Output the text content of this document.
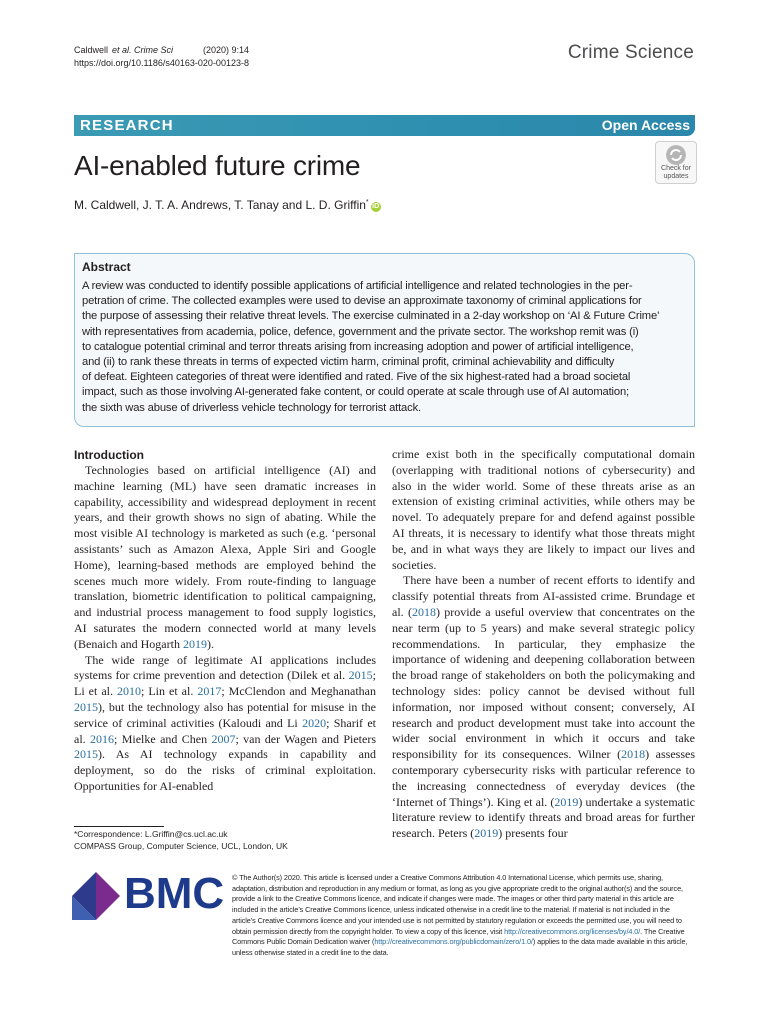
Caldwell et al. Crime Sci	(2020) 9:14
https://doi.org/10.1186/s40163-020-00123-8	Crime Science
RESEARCH	Open Access
AI-enabled future crime
M. Caldwell, J. T. A. Andrews, T. Tanay and L. D. Griffin*iD
Check for
updates
Abstract
A review was conducted to identify possible applications of artificial intelligence and related technologies in the per-
petration of crime. The collected examples were used to devise an approximate taxonomy of criminal applications for
the purpose of assessing their relative threat levels. The exercise culminated in a 2-day workshop on ‘AI & Future Crime’
with representatives from academia, police, defence, government and the private sector. The workshop remit was (i)
to catalogue potential criminal and terror threats arising from increasing adoption and power of artificial intelligence,
and (ii) to rank these threats in terms of expected victim harm, criminal profit, criminal achievability and difficulty
of defeat. Eighteen categories of threat were identified and rated. Five of the six highest-rated had a broad societal
impact, such as those involving AI-generated fake content, or could operate at scale through use of AI automation;
the sixth was abuse of driverless vehicle technology for terrorist attack.
Introduction

Technologies based on artificial intelligence (AI) and machine learning (ML) have seen dramatic increases in capability, accessibility and widespread deployment in recent years, and their growth shows no sign of abating. While the most visible AI technology is marketed as such (e.g. ‘personal assistants’ such as Amazon Alexa, Apple Siri and Google Home), learning-based methods are employed behind the scenes much more widely. From route-finding to language translation, biometric identification to political campaigning, and industrial process management to food supply logistics, AI saturates the modern connected world at many levels (Benaich and Hogarth 2019).

The wide range of legitimate AI applications includes systems for crime prevention and detection (Dilek et al. 2015; Li et al. 2010; Lin et al. 2017; McClendon and Meghanathan 2015), but the technology also has potential for misuse in the service of criminal activities (Kaloudi and Li 2020; Sharif et al. 2016; Mielke and Chen 2007; van der Wagen and Pieters 2015). As AI technology expands in capability and deployment, so do the risks of criminal exploitation. Opportunities for AI-enabled

crime exist both in the specifically computational domain (overlapping with traditional notions of cybersecurity) and also in the wider world. Some of these threats arise as an extension of existing criminal activities, while others may be novel. To adequately prepare for and defend against possible AI threats, it is necessary to identify what those threats might be, and in what ways they are likely to impact our lives and societies.

There have been a number of recent efforts to identify and classify potential threats from AI-assisted crime. Brundage et al. (2018) provide a useful overview that concentrates on the near term (up to 5 years) and make several strategic policy recommendations. In particular, they emphasize the importance of widening and deepening collaboration between the broad range of stakeholders on both the policymaking and technology sides: policy cannot be devised without full information, nor imposed without consent; conversely, AI research and product development must take into account the wider social environment in which it occurs and take responsibility for its consequences. Wilner (2018) assesses contemporary cybersecurity risks with particular reference to the increasing connectedness of everyday devices (the ‘Internet of Things’). King et al. (2019) undertake a systematic literature review to identify threats and broad areas for further research. Peters (2019) presents four

*Correspondence: L.Griffin@cs.ucl.ac.uk
COMPASS Group, Computer Science, UCL, London, UK
BMC © The Author(s) 2020. This article is licensed under a Creative Commons Attribution 4.0 International License, which permits use, sharing, adaptation, distribution and reproduction in any medium or format, as long as you give appropriate credit to the original author(s) and the source, provide a link to the Creative Commons licence, and indicate if changes were made. The images or other third party material in this article are included in the article’s Creative Commons licence, unless indicated otherwise in a credit line to the material. If material is not included in the article’s Creative Commons licence and your intended use is not permitted by statutory regulation or exceeds the permitted use, you will need to obtain permission directly from the copyright holder. To view a copy of this licence, visit http://creativecommons.org/licenses/by/4.0/. The Creative Commons Public Domain Dedication waiver (http://creativecommons.org/publicdomain/zero/1.0/) applies to the data made available in this article, unless otherwise stated in a credit line to the data.
